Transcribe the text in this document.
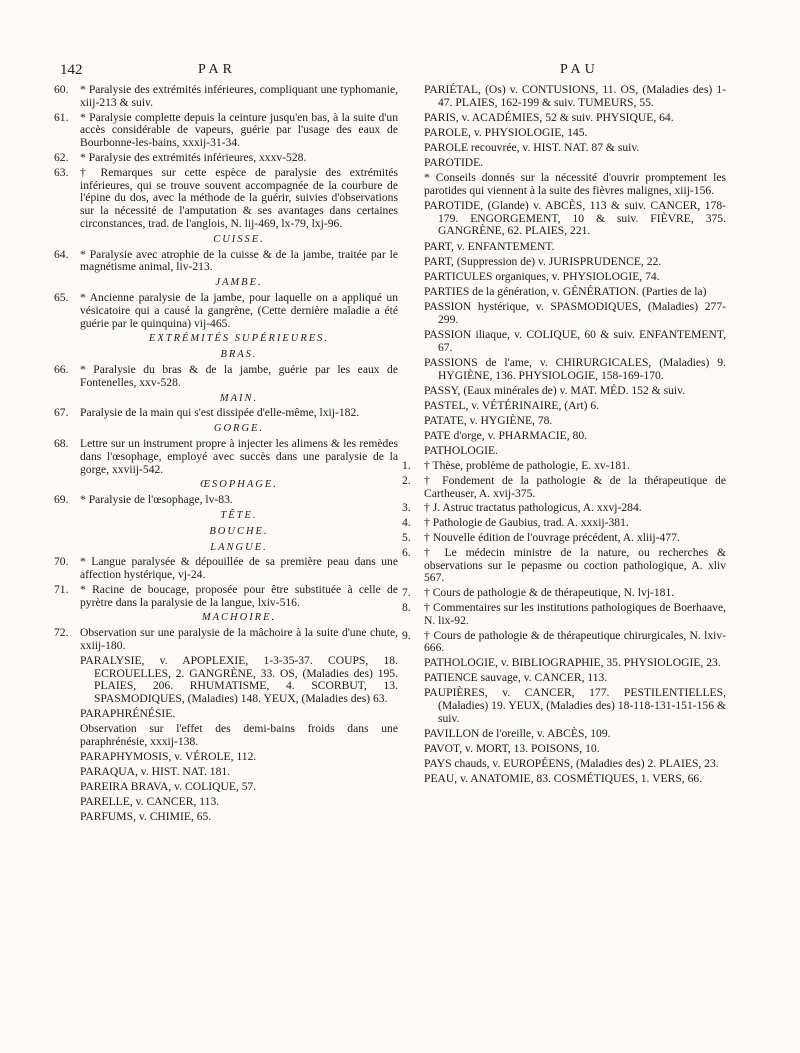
142	PAR	PAU
60. * Paralysie des extrémités inférieures, compliquant une typhomanie, xiij-213 & suiv.
61. * Paralysie complette depuis la ceinture jusqu'en bas, à la suite d'un accès considérable de vapeurs, guérie par l'usage des eaux de Bourbonne-les-bains, xxxij-31-34.
62. * Paralysie des extrémités inférieures, xxxv-528.
63. † Remarques sur cette espèce de paralysie des extrémités inférieures, qui se trouve souvent accompagnée de la courbure de l'épine du dos, avec la méthode de la guérir, suivies d'observations sur la nécessité de l'amputation & ses avantages dans certaines circonstances, trad. de l'anglois, N. lij-469, lx-79, lxj-96.
CUISSE.
64. * Paralysie avec atrophie de la cuisse & de la jambe, traitée par le magnétisme animal, liv-213.
JAMBE.
65. * Ancienne paralysie de la jambe, pour laquelle on a appliqué un vésicatoire qui a causé la gangrène, (Cette dernière maladie a été guérie par le quinquina) vij-465.
EXTRÉMITÉS SUPÉRIEURES.
BRAS.
66. * Paralysie du bras & de la jambe, guérie par les eaux de Fontenelles, xxv-528.
MAIN.
67. Paralysie de la main qui s'est dissipée d'elle-même, lxij-182.
GORGE.
68. Lettre sur un instrument propre à injecter les alimens & les remèdes dans l'œsophage, employé avec succès dans une paralysie de la gorge, xxviij-542.
ŒSOPHAGE.
69. * Paralysie de l'œsophage, lv-83.
TÊTE.
BOUCHE.
LANGUE.
70. * Langue paralysée & dépouillée de sa première peau dans une affection hystérique, vj-24.
71. * Racine de boucage, proposée pour être substituée à celle de pyrètre dans la paralysie de la langue, lxiv-516.
MACHOIRE.
72. Observation sur une paralysie de la mâchoire à la suite d'une chute, xxiij-180.
PARALYSIE, v. APOPLEXIE, 1-3-35-37. COUPS, 18. ECROUELLES, 2. GANGRÈNE, 33. OS, (Maladies des) 195. PLAIES, 206. RHUMATISME, 4. SCORBUT, 13. SPASMODIQUES, (Maladies) 148. YEUX, (Maladies des) 63.
PARAPHRÉNÉSIE.
Observation sur l'effet des demi-bains froids dans une paraphrénésie, xxxij-138.
PARAPHYMOSIS, v. VÉROLE, 112.
PARAQUA, v. HIST. NAT. 181.
PAREIRA BRAVA, v. COLIQUE, 57.
PARELLE, v. CANCER, 113.
PARFUMS, v. CHIMIE, 65.
PARIÉTAL, (Os) v. CONTUSIONS, 11. OS, (Maladies des) 1-47. PLAIES, 162-199 & suiv. TUMEURS, 55.
PARIS, v. ACADÉMIES, 52 & suiv. PHYSIQUE, 64.
PAROLE, v. PHYSIOLOGIE, 145.
PAROLE recouvrée, v. HIST. NAT. 87 & suiv.
PAROTIDE.
* Conseils donnés sur la nécessité d'ouvrir promptement les parotides qui viennent à la suite des fièvres malignes, xiij-156.
PAROTIDE, (Glande) v. ABCÈS, 113 & suiv. CANCER, 178-179. ENGORGEMENT, 10 & suiv. FIÈVRE, 375. GANGRÈNE, 62. PLAIES, 221.
PART, v. ENFANTEMENT.
PART, (Suppression de) v. JURISPRUDENCE, 22.
PARTICULES organiques, v. PHYSIOLOGIE, 74.
PARTIES de la génération, v. GÉNÉRATION. (Parties de la)
PASSION hystérique, v. SPASMODIQUES, (Maladies) 277-299.
PASSION iliaque, v. COLIQUE, 60 & suiv. ENFANTEMENT, 67.
PASSIONS de l'ame, v. CHIRURGICALES, (Maladies) 9. HYGIÈNE, 136. PHYSIOLOGIE, 158-169-170.
PASSY, (Eaux minérales de) v. MAT. MÉD. 152 & suiv.
PASTEL, v. VÉTÉRINAIRE, (Art) 6.
PATATE, v. HYGIÈNE, 78.
PATE d'orge, v. PHARMACIE, 80.
PATHOLOGIE.
1. † Thèse, problème de pathologie, E. xv-181.
2. † Fondement de la pathologie & de la thérapeutique de Cartheuser, A. xvij-375.
3. † J. Astruc tractatus pathologicus, A. xxvj-284.
4. † Pathologie de Gaubius, trad. A. xxxij-381.
5. † Nouvelle édition de l'ouvrage précédent, A. xliij-477.
6. † Le médecin ministre de la nature, ou recherches & observations sur le pepasme ou coction pathologique, A. xliv 567.
7. † Cours de pathologie & de thérapeutique, N. lvj-181.
8. † Commentaires sur les institutions pathologiques de Boerhaave, N. lix-92.
9. † Cours de pathologie & de thérapeutique chirurgicales, N. lxiv-666.
PATHOLOGIE, v. BIBLIOGRAPHIE, 35. PHYSIOLOGIE, 23.
PATIENCE sauvage, v. CANCER, 113.
PAUPIÈRES, v. CANCER, 177. PESTILENTIELLES, (Maladies) 19. YEUX, (Maladies des) 18-118-131-151-156 & suiv.
PAVILLON de l'oreille, v. ABCÈS, 109.
PAVOT, v. MORT, 13. POISONS, 10.
PAYS chauds, v. EUROPÉENS, (Maladies des) 2. PLAIES, 23.
PEAU, v. ANATOMIE, 83. COSMÉTIQUES, 1. VERS, 66.
